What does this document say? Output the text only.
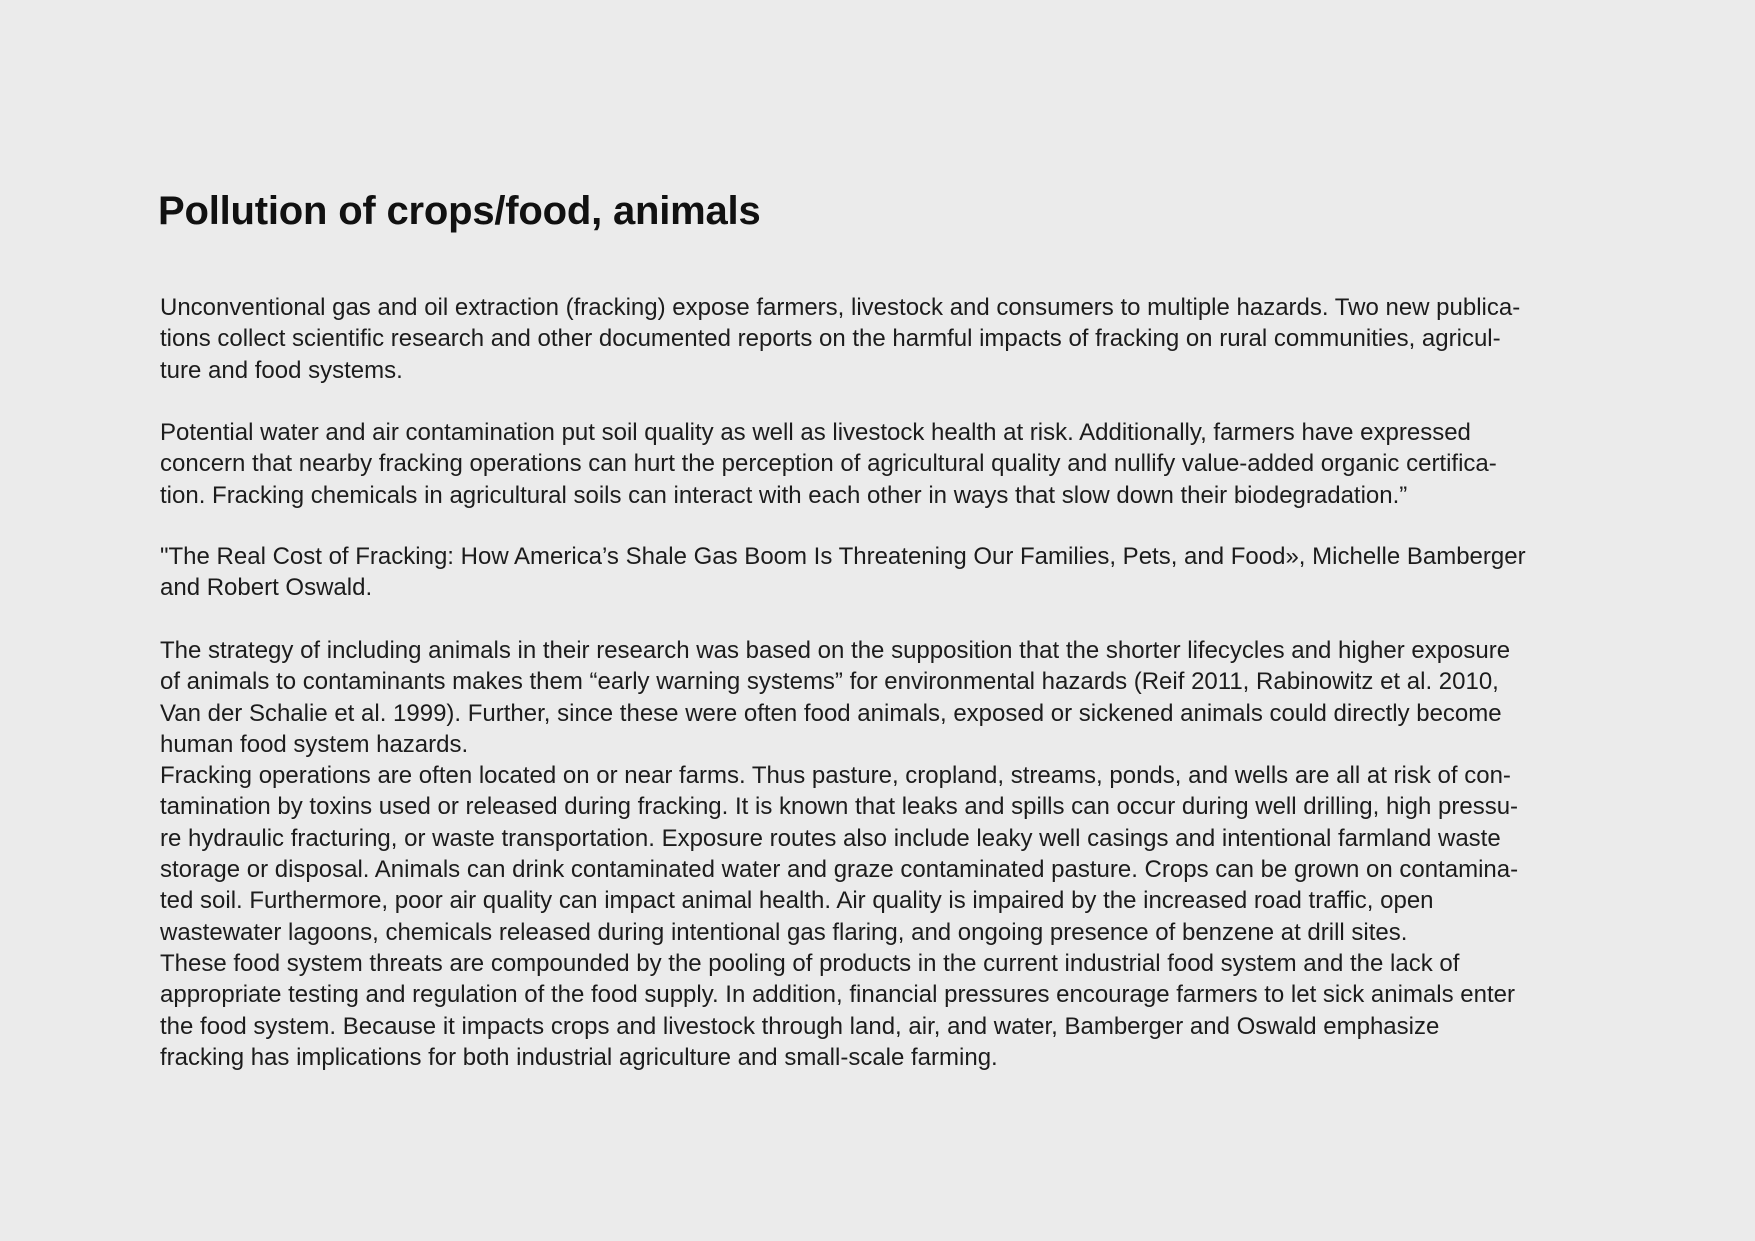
Pollution of crops/food, animals

Unconventional gas and oil extraction (fracking) expose farmers, livestock and consumers to multiple hazards. Two new publica-
tions collect scientific research and other documented reports on the harmful impacts of fracking on rural communities, agricul-
ture and food systems.

Potential water and air contamination put soil quality as well as livestock health at risk. Additionally, farmers have expressed
concern that nearby fracking operations can hurt the perception of agricultural quality and nullify value-added organic certifica-
tion. Fracking chemicals in agricultural soils can interact with each other in ways that slow down their biodegradation.”

"The Real Cost of Fracking: How America’s Shale Gas Boom Is Threatening Our Families, Pets, and Food», Michelle Bamberger
and Robert Oswald.

The strategy of including animals in their research was based on the supposition that the shorter lifecycles and higher exposure
of animals to contaminants makes them “early warning systems” for environmental hazards (Reif 2011, Rabinowitz et al. 2010,
Van der Schalie et al. 1999). Further, since these were often food animals, exposed or sickened animals could directly become
human food system hazards.
Fracking operations are often located on or near farms. Thus pasture, cropland, streams, ponds, and wells are all at risk of con-
tamination by toxins used or released during fracking. It is known that leaks and spills can occur during well drilling, high pressu-
re hydraulic fracturing, or waste transportation. Exposure routes also include leaky well casings and intentional farmland waste
storage or disposal. Animals can drink contaminated water and graze contaminated pasture. Crops can be grown on contamina-
ted soil. Furthermore, poor air quality can impact animal health. Air quality is impaired by the increased road traffic, open
wastewater lagoons, chemicals released during intentional gas flaring, and ongoing presence of benzene at drill sites.
These food system threats are compounded by the pooling of products in the current industrial food system and the lack of
appropriate testing and regulation of the food supply. In addition, financial pressures encourage farmers to let sick animals enter
the food system. Because it impacts crops and livestock through land, air, and water, Bamberger and Oswald emphasize
fracking has implications for both industrial agriculture and small-scale farming.
